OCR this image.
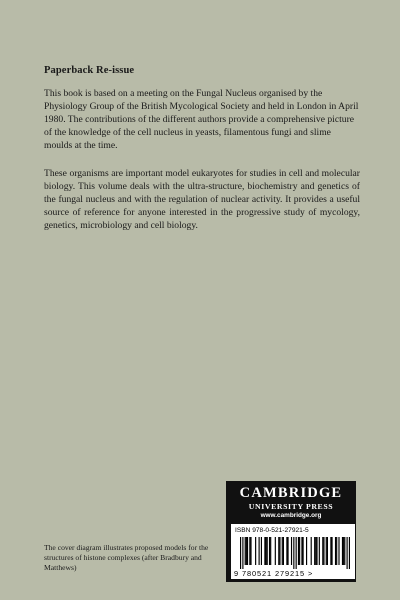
Paperback Re-issue

This book is based on a meeting on the Fungal Nucleus organised by the Physiology Group of the British Mycological Society and held in London in April 1980. The contributions of the different authors provide a comprehensive picture of the knowledge of the cell nucleus in yeasts, filamentous fungi and slime moulds at the time.

These organisms are important model eukaryotes for studies in cell and molecular biology. This volume deals with the ultra-structure, biochemistry and genetics of the fungal nucleus and with the regulation of nuclear activity. It provides a useful source of reference for anyone interested in the progressive study of mycology, genetics, microbiology and cell biology.

The cover diagram illustrates proposed models for the structures of histone complexes (after Bradbury and Matthews)

CAMBRIDGE
UNIVERSITY PRESS
www.cambridge.org
ISBN 978-0-521-27921-5
9 780521 279215 >
